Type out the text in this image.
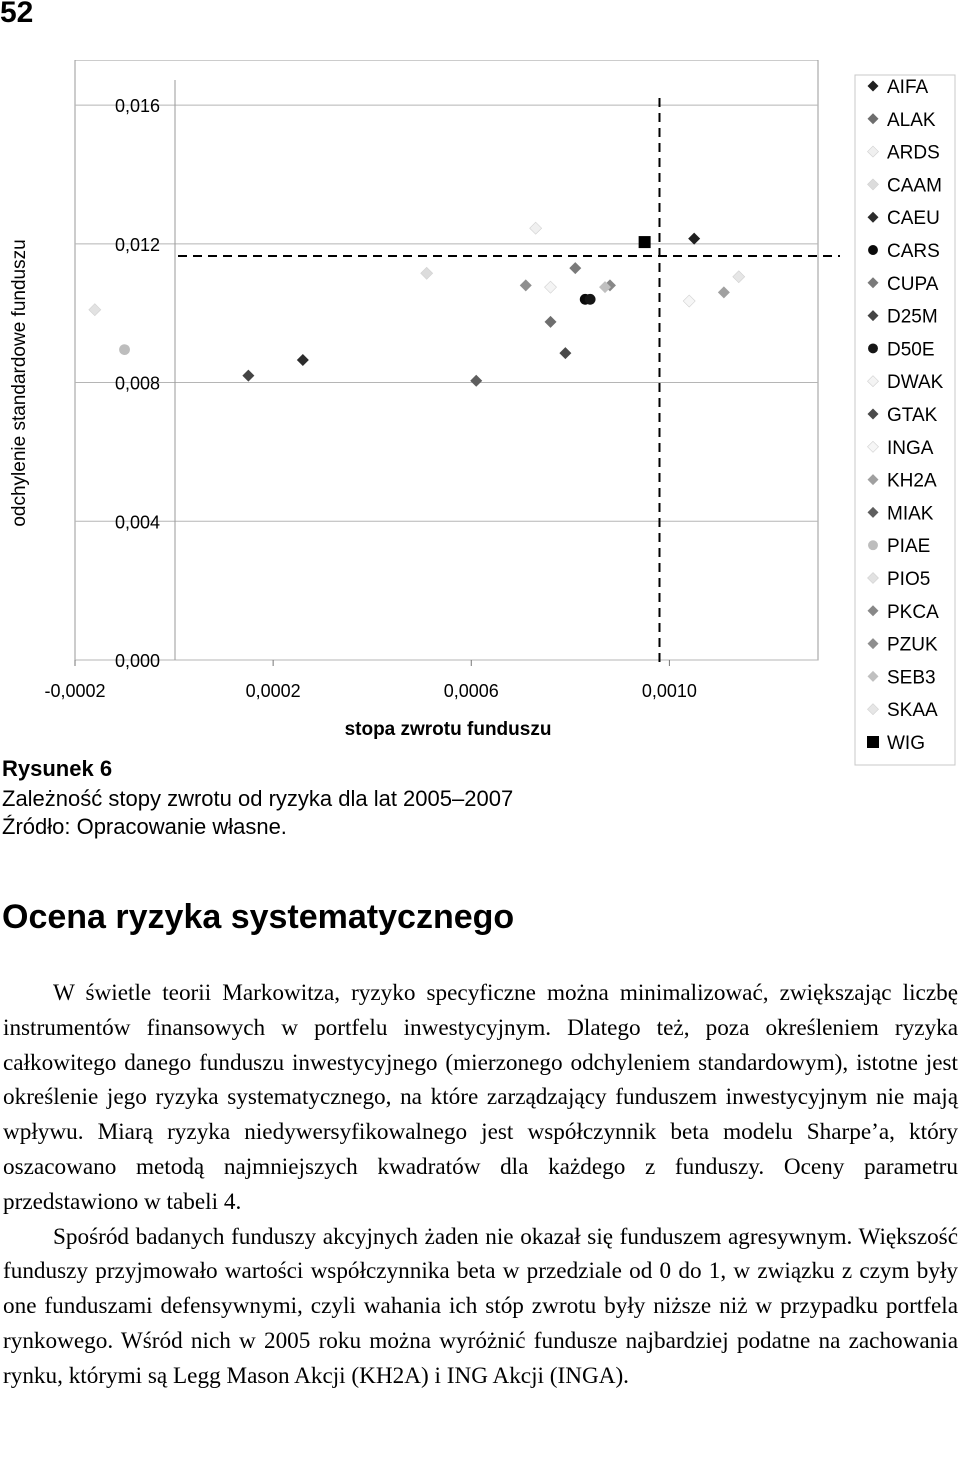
52
0,000
0,004
0,008
0,012
0,016
-0,0002	0,0002	0,0006	0,0010
AIFA
ALAK
ARDS
CAAM
CAEU
CARS
CUPA
D25M
D50E
DWAK
GTAK
INGA
KH2A
MIAK
PIAE
PIO5
PKCA
PZUK
SEB3
SKAA
WIG
odchylenie standardowe funduszu
stopa zwrotu funduszu
Rysunek 6
Zależność stopy zwrotu od ryzyka dla lat 2005–2007
Źródło: Opracowanie własne.
Ocena ryzyka systematycznego

W świetle teorii Markowitza, ryzyko specyficzne można minimalizować, zwiększając liczbę instrumentów finansowych w portfelu inwestycyjnym. Dlatego też, poza określeniem ryzyka całkowitego danego funduszu inwestycyjnego (mierzonego odchyleniem standardowym), istotne jest określenie jego ryzyka systematycznego, na które zarządzający funduszem inwestycyjnym nie mają wpływu. Miarą ryzyka niedywersyfikowalnego jest współczynnik beta modelu Sharpe’a, który oszacowano metodą najmniejszych kwadratów dla każdego z funduszy. Oceny parametru przedstawiono w tabeli 4.

Spośród badanych funduszy akcyjnych żaden nie okazał się funduszem agresywnym. Większość funduszy przyjmowało wartości współczynnika beta w przedziale od 0 do 1, w związku z czym były one funduszami defensywnymi, czyli wahania ich stóp zwrotu były niższe niż w przypadku portfela rynkowego. Wśród nich w 2005 roku można wyróżnić fundusze najbardziej podatne na zachowania rynku, którymi są Legg Mason Akcji (KH2A) i ING Akcji (INGA).
